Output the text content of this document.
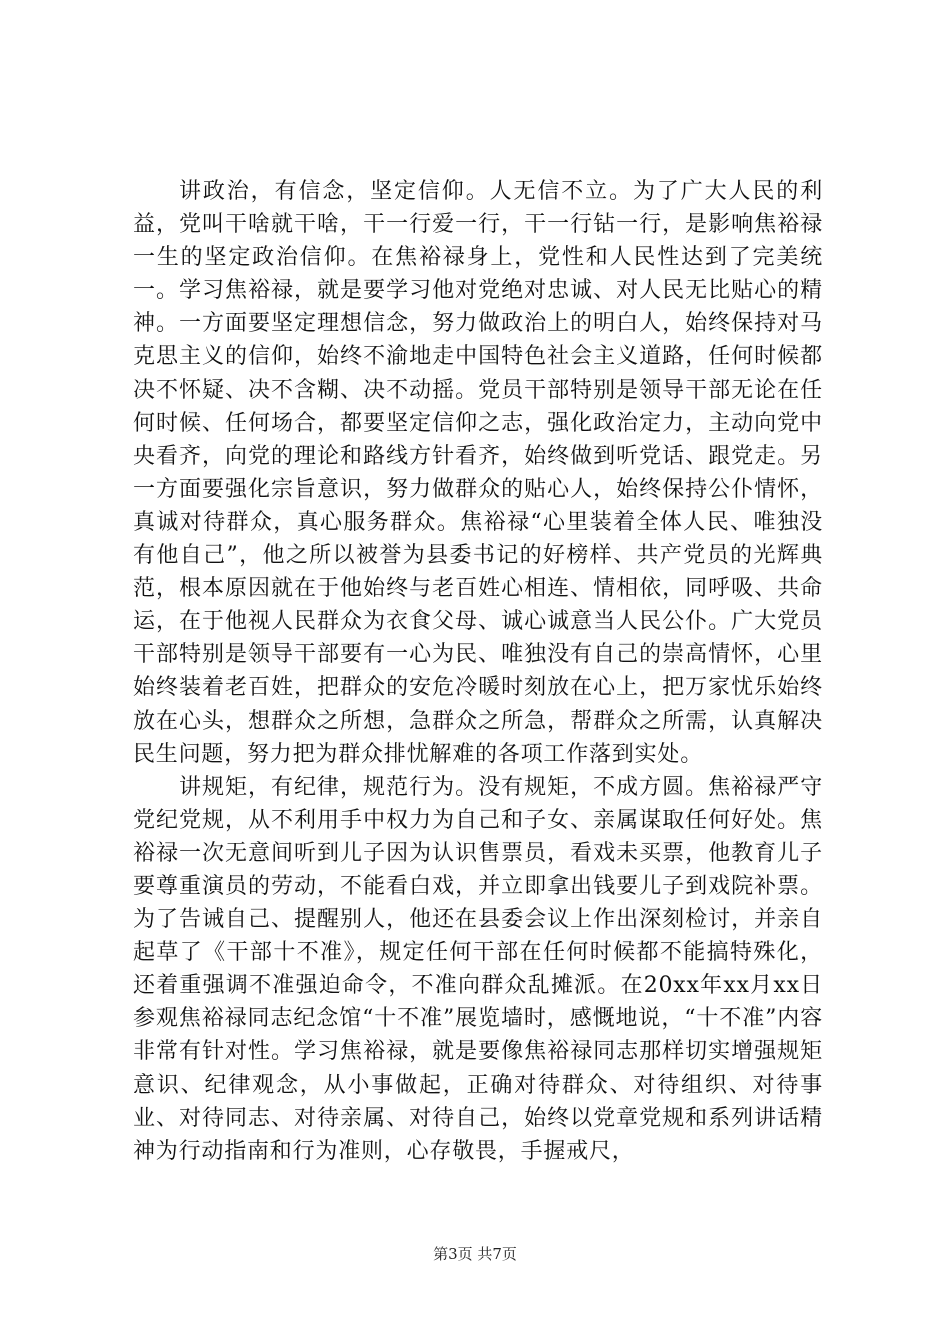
讲政治，有信念，坚定信仰。人无信不立。为了广大人民的利益，党叫干啥就干啥，干一行爱一行，干一行钻一行，是影响焦裕禄一生的坚定政治信仰。在焦裕禄身上，党性和人民性达到了完美统一。学习焦裕禄，就是要学习他对党绝对忠诚、对人民无比贴心的精神。一方面要坚定理想信念，努力做政治上的明白人，始终保持对马克思主义的信仰，始终不渝地走中国特色社会主义道路，任何时候都决不怀疑、决不含糊、决不动摇。党员干部特别是领导干部无论在任何时候、任何场合，都要坚定信仰之志，强化政治定力，主动向党中央看齐，向党的理论和路线方针看齐，始终做到听党话、跟党走。另一方面要强化宗旨意识，努力做群众的贴心人，始终保持公仆情怀，真诚对待群众，真心服务群众。焦裕禄“心里装着全体人民、唯独没有他自己”，他之所以被誉为县委书记的好榜样、共产党员的光辉典范，根本原因就在于他始终与老百姓心相连、情相依，同呼吸、共命运，在于他视人民群众为衣食父母、诚心诚意当人民公仆。广大党员干部特别是领导干部要有一心为民、唯独没有自己的崇高情怀，心里始终装着老百姓，把群众的安危冷暖时刻放在心上，把万家忧乐始终放在心头，想群众之所想，急群众之所急，帮群众之所需，认真解决民生问题，努力把为群众排忧解难的各项工作落到实处。

讲规矩，有纪律，规范行为。没有规矩，不成方圆。焦裕禄严守党纪党规，从不利用手中权力为自己和子女、亲属谋取任何好处。焦裕禄一次无意间听到儿子因为认识售票员，看戏未买票，他教育儿子要尊重演员的劳动，不能看白戏，并立即拿出钱要儿子到戏院补票。为了告诫自己、提醒别人，他还在县委会议上作出深刻检讨，并亲自起草了《干部十不准》，规定任何干部在任何时候都不能搞特殊化，还着重强调不准强迫命令，不准向群众乱摊派。在20xx年xx月xx日参观焦裕禄同志纪念馆“十不准”展览墙时，感慨地说，“十不准”内容非常有针对性。学习焦裕禄，就是要像焦裕禄同志那样切实增强规矩意识、纪律观念，从小事做起，正确对待群众、对待组织、对待事业、对待同志、对待亲属、对待自己，始终以党章党规和系列讲话精神为行动指南和行为准则，心存敬畏，手握戒尺，

第3页 共7页
